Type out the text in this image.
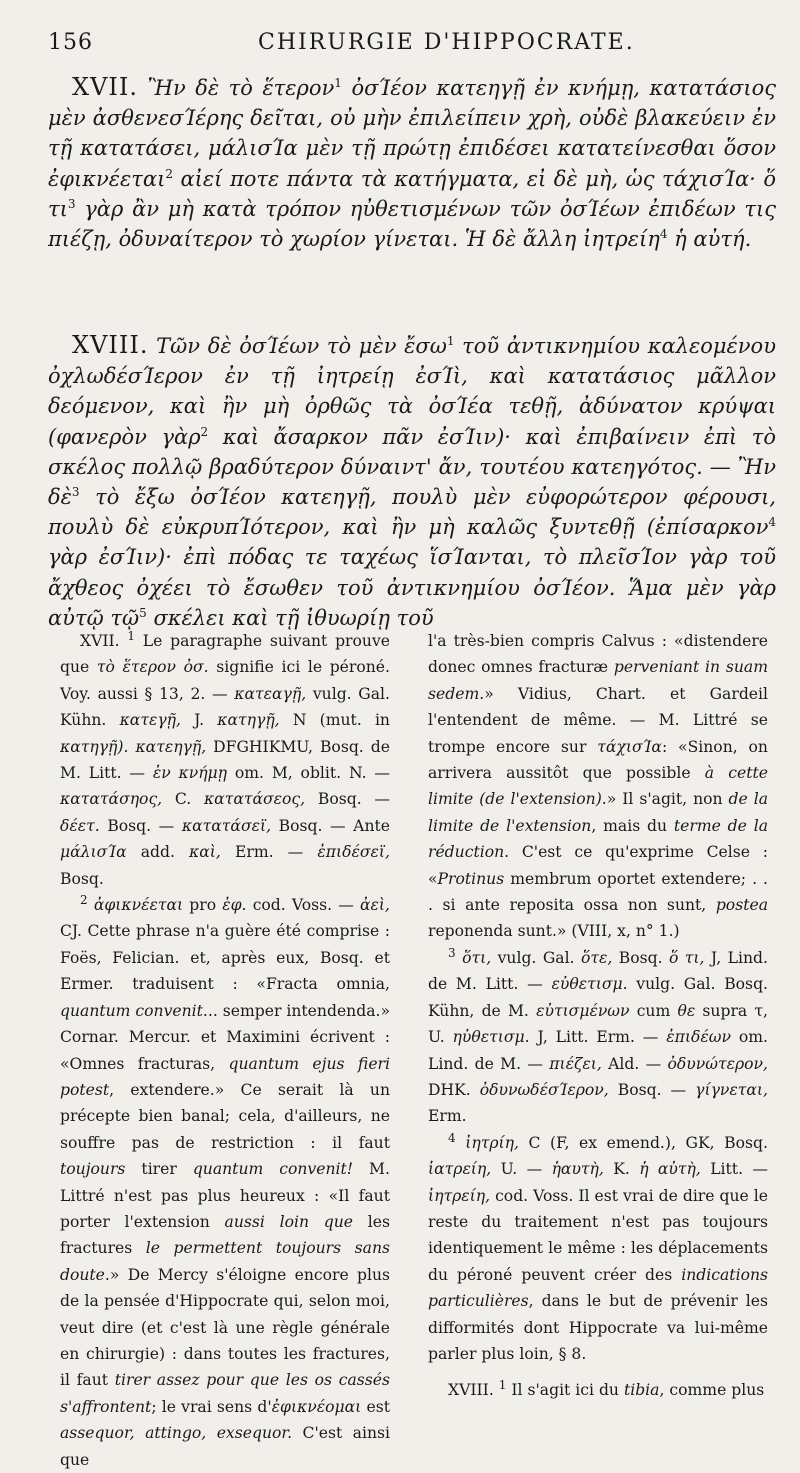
156	CHIRURGIE D'HIPPOCRATE.

XVII. Ἢν δὲ τὸ ἕτερον$^1$ ὀσΊέον κατεηγῇ ἐν κνήμῃ, κατατάσιος μὲν ἀσθενεσΊέρης δεῖται, οὐ μὴν ἐπιλείπειν χρὴ, οὐδὲ βλακεύειν ἐν τῇ κατατάσει, μάλισΊα μὲν τῇ πρώτῃ ἐπιδέσει κατατείνεσθαι ὅσον ἐφικνέεται$^2$ αἰεί ποτε πάντα τὰ κατήγματα, εἰ δὲ μὴ, ὡς τάχισΊα· ὅ $\tau\iota^3$ γὰρ ἂν μὴ κατὰ τρόπον ηὐθετισμένων τῶν ὀσΊέων ἐπιδέων τις πιέζῃ, ὀδυναίτερον τὸ χωρίον γίνεται. Ἡ δὲ ἄλλη ἰητρείη$^4$ ἡ αὐτή.

XVIII. Τῶν δὲ ὀσΊέων τὸ μὲν ἔσω$^1$ τοῦ ἀντικνημίου καλεομένου ὀχλωδέσΊερον ἐν τῇ ἰητρείῃ ἐσΊὶ, καὶ κατατάσιος μᾶλλον δεόμενον, καὶ ἢν μὴ ὀρθῶς τὰ ὀσΊέα τεθῇ, ἀδύνατον κρύψαι (φανερὸν γὰρ$^2$ καὶ ἄσαρκον πᾶν ἐσΊιν)· καὶ ἐπιβαίνειν ἐπὶ τὸ σκέλος πολλῷ βραδύτερον δύναιντ' ἄν, τουτέου κατεηγότος. — Ἢν δὲ$^3$ τὸ ἔξω ὀσΊέον κατεηγῇ, πουλὺ μὲν εὐφορώτερον φέρουσι, πουλὺ δὲ εὐκρυπΊότερον, καὶ ἢν μὴ καλῶς ξυντεθῇ (ἐπίσαρκον$^4$ γὰρ ἐσΊιν)· ἐπὶ πόδας τε ταχέως ἵσΊανται, τὸ πλεῖσΊον γὰρ τοῦ ἄχθεος ὀχέει τὸ ἔσωθεν τοῦ ἀντικνημίου ὀσΊέον. Ἅμα μὲν γὰρ αὐτῷ τῷ$^5$ σκέλει καὶ τῇ ἰθυωρίῃ τοῦ

XVII. $^1$ Le paragraphe suivant prouve que τὸ ἕτερον ὀσ. signifie ici le péroné. Voy. aussi § 13, 2. — κατεαγῇ, vulg. Gal. Kühn. κατεγῇ, J. κατηγῇ, N (mut. in κατηγῇ). κατεηγῇ, DFGHIKMU, Bosq. de M. Litt. — ἐν κνήμῃ om. M, oblit. N. — κατατάσηος, C. κατατάσεος, Bosq. — δέετ. Bosq. — κατατάσεϊ, Bosq. — Ante μάλισΊα add. καὶ, Erm. — ἐπιδέσεϊ, Bosq.

$^2$ ἀφικνέεται pro ἐφ. cod. Voss. — ἀεὶ, CJ. Cette phrase n'a guère été comprise : Foës, Felician. et, après eux, Bosq. et Ermer. traduisent : «Fracta omnia, quantum convenit... semper intendenda.» Cornar. Mercur. et Maximini écrivent : «Omnes fracturas, quantum ejus fieri potest, extendere.» Ce serait là un précepte bien banal; cela, d'ailleurs, ne souffre pas de restriction : il faut toujours tirer quantum convenit! M. Littré n'est pas plus heureux : «Il faut porter l'extension aussi loin que les fractures le permettent toujours sans doute.» De Mercy s'éloigne encore plus de la pensée d'Hippocrate qui, selon moi, veut dire (et c'est là une règle générale en chirurgie) : dans toutes les fractures, il faut tirer assez pour que les os cassés s'affrontent; le vrai sens d'ἐφικνέομαι est assequor, attingo, exsequor. C'est ainsi que

l'a très-bien compris Calvus : «distendere donec omnes fracturæ perveniant in suam sedem.» Vidius, Chart. et Gardeil l'entendent de même. — M. Littré se trompe encore sur τάχισΊα: «Sinon, on arrivera aussitôt que possible à cette limite (de l'extension).» Il s'agit, non de la limite de l'extension, mais du terme de la réduction. C'est ce qu'exprime Celse : «Protinus membrum oportet extendere; . . . si ante reposita ossa non sunt, postea reponenda sunt.» (VIII, x, n° 1.)

$^3$ ὅτι, vulg. Gal. ὅτε, Bosq. ὅ τι, J, Lind. de M. Litt. — εὐθετισμ. vulg. Gal. Bosq. Kühn, de M. εὐτισμένων cum θε supra τ, U. ηὐθετισμ. J, Litt. Erm. — ἐπιδέων om. Lind. de M. — πιέζει, Ald. — ὀδυνώτερον, DHK. ὀδυνωδέσΊερον, Bosq. — γίγνεται, Erm.

$^4$ ἰητρίη, C (F, ex emend.), GK, Bosq. ἰατρείη, U. — ἡαυτὴ, K. ἡ αὐτὴ, Litt. — ἰητρείη, cod. Voss. Il est vrai de dire que le reste du traitement n'est pas toujours identiquement le même : les déplacements du péroné peuvent créer des indications particulières, dans le but de prévenir les difformités dont Hippocrate va lui-même parler plus loin, § 8.

XVIII. $^1$ Il s'agit ici du tibia, comme plus
